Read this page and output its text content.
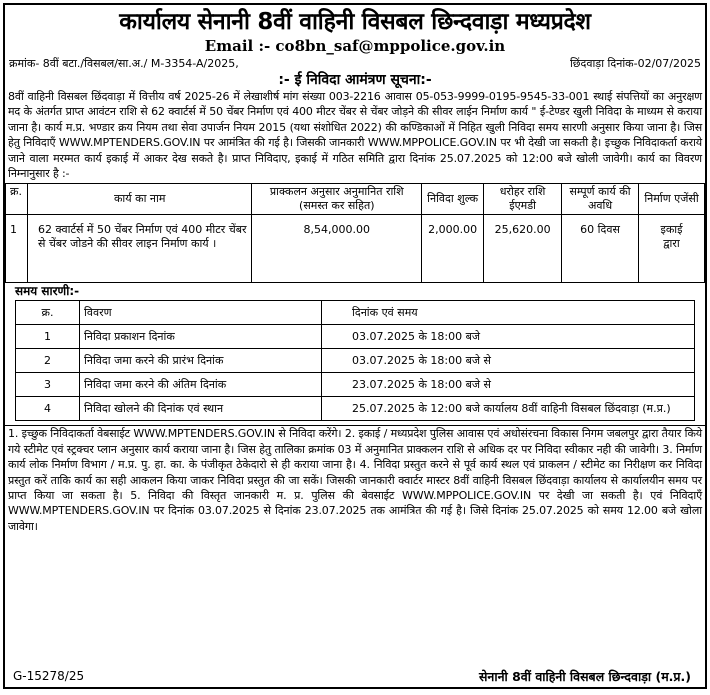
कार्यालय सेनानी 8वीं वाहिनी विसबल छिन्दवाड़ा मध्यप्रदेश
Email :- co8bn_saf@mppolice.gov.in
क्रमांक- 8वीं बटा./विसबल/सा.अ./ M-3354-A/2025,	छिंदवाड़ा दिनांक-02/07/2025
:- ई निविदा आमंत्रण सूचना:-
8वीं वाहिनी विसबल छिंदवाड़ा में वित्तीय वर्ष 2025-26 में लेखाशीर्ष मांग संख्या 003-2216 आवास 05-053-9999-0195-9545-33-001 स्थाई संपत्तियों का अनुरक्षण मद के अंतर्गत प्राप्त आवंटन राशि से 62 क्वार्टर्स में 50 चेंबर निर्माण एवं 400 मीटर चेंबर से चेंबर जोड़ने की सीवर लाईन निर्माण कार्य " ई-टेण्डर खुली निविदा के माध्यम से कराया जाना है। कार्य म.प्र. भण्डार क्रय नियम तथा सेवा उपार्जन नियम 2015 (यथा संशोधित 2022) की कण्डिकाओं में निहित खुली निविदा समय सारणी अनुसार किया जाना है। जिस हेतु निविदाएँ WWW.MPTENDERS.GOV.IN पर आमंत्रित की गई है। जिसकी जानकारी WWW.MPPOLICE.GOV.IN पर भी देखी जा सकती है। इच्छुक निविदाकर्ता कराये जाने वाला मरम्मत कार्य इकाई में आकर देख सकते है। प्राप्त निविदाए, इकाई में गठित समिति द्वारा दिनांक 25.07.2025 को 12:00 बजे खोली जावेगी। कार्य का विवरण निम्नानुसार है :-
क्र.	कार्य का नाम	प्राक्कलन अनुसार अनुमानित राशि (समस्त कर सहित)	निविदा शुल्क	धरोहर राशि ईएमडी	सम्पूर्ण कार्य की अवधि	निर्माण एजेंसी
1	62 क्वार्टर्स में 50 चेंबर निर्माण एवं 400 मीटर चेंबर से चेंबर जोडने की सीवर लाइन निर्माण कार्य ।	8,54,000.00	2,000.00	25,620.00	60 दिवस	इकाई द्वारा
समय सारणी:-
क्र.	विवरण	दिनांक एवं समय
1	निविदा प्रकाशन दिनांक	03.07.2025 के 18:00 बजे
2	निविदा जमा करने की प्रारंभ दिनांक	03.07.2025 के 18:00 बजे से
3	निविदा जमा करने की अंतिम दिनांक	23.07.2025 के 18:00 बजे से
4	निविदा खोलने की दिनांक एवं स्थान	25.07.2025 के 12:00 बजे कार्यालय 8वीं वाहिनी विसबल छिंदवाड़ा (म.प्र.)
1. इच्छुक निविदाकर्ता वेबसाईट WWW.MPTENDERS.GOV.IN से निविदा करेंगे। 2. इकाई / मध्यप्रदेश पुलिस आवास एवं अधोसंरचना विकास निगम जबलपुर द्वारा तैयार किये गये स्टीमेट एवं स्ट्रक्चर प्लान अनुसार कार्य कराया जाना है। जिस हेतु तालिका क्रमांक 03 में अनुमानित प्राक्कलन राशि से अधिक दर पर निविदा स्वीकार नही की जावेगी। 3. निर्माण कार्य लोक निर्माण विभाग / म.प्र. पु. हा. का. के पंजीकृत ठेकेदारो से ही कराया जाना है। 4. निविदा प्रस्तुत करने से पूर्व कार्य स्थल एवं प्राकलन / स्टीमेट का निरीक्षण कर निविदा प्रस्तुत करें ताकि कार्य का सही आकलन किया जाकर निविदा प्रस्तुत की जा सकें। जिसकी जानकारी क्वार्टर मास्टर 8वीं वाहिनी विसबल छिंदवाड़ा कार्यालय से कार्यालयीन समय पर प्राप्त किया जा सकता है। 5. निविदा की विस्तृत जानकारी म. प्र. पुलिस की बेवसाईट WWW.MPPOLICE.GOV.IN पर देखी जा सकती है। एवं निविदाएँ WWW.MPTENDERS.GOV.IN पर दिनांक 03.07.2025 से दिनांक 23.07.2025 तक आमंत्रित की गई है। जिसे दिनांक 25.07.2025 को समय 12.00 बजे खोला जावेगा।
G-15278/25	सेनानी 8वीं वाहिनी विसबल छिन्दवाड़ा (म.प्र.)
